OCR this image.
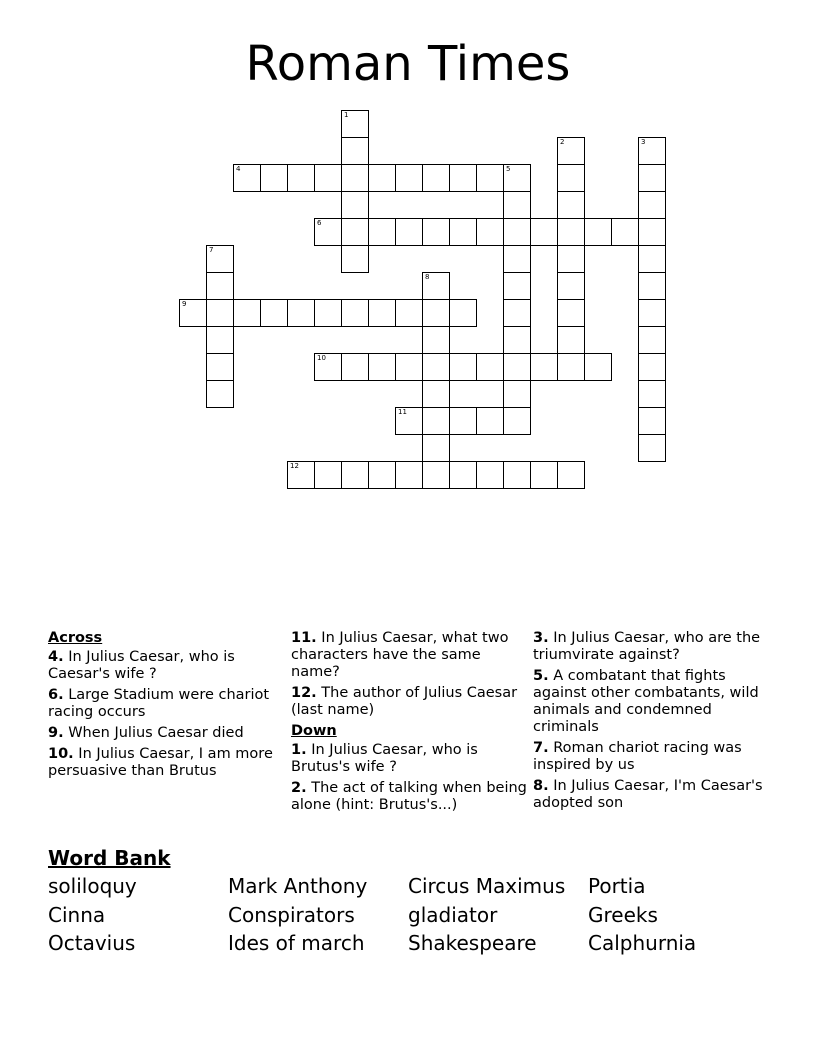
Roman Times
1
2	3
4	5
6
7
8
9
10
11
12
Across
4. In Julius Caesar, who is Caesar's wife ?
6. Large Stadium were chariot racing occurs
9. When Julius Caesar died
10. In Julius Caesar, I am more persuasive than Brutus
11. In Julius Caesar, what two characters have the same name?
12. The author of Julius Caesar (last name)
Down
1. In Julius Caesar, who is Brutus's wife ?
2. The act of talking when being alone (hint: Brutus's...)
3. In Julius Caesar, who are the triumvirate against?
5. A combatant that fights against other combatants, wild animals and condemned criminals
7. Roman chariot racing was inspired by us
8. In Julius Caesar, I'm Caesar's adopted son
Word Bank
soliloquy	Mark Anthony	Circus Maximus	Portia
Cinna	Conspirators	gladiator	Greeks
Octavius	Ides of march	Shakespeare	Calphurnia
